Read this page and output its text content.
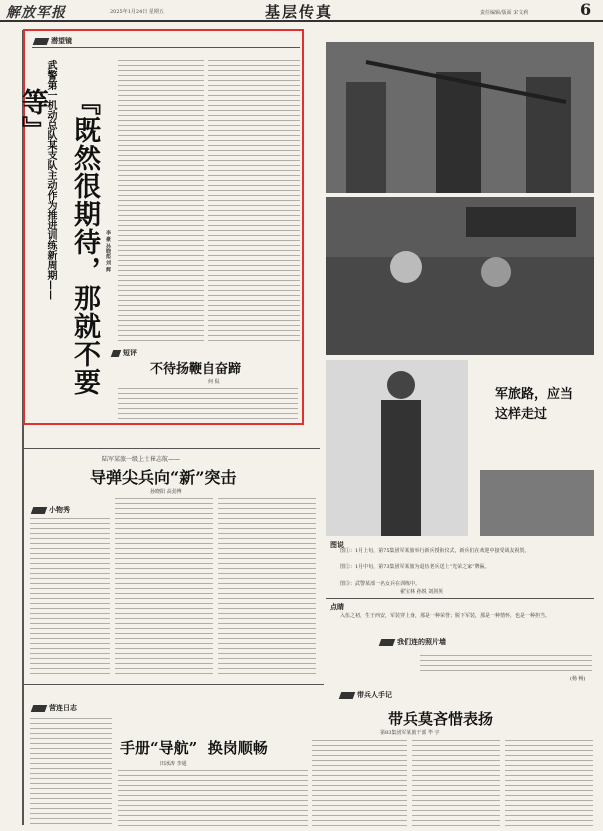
解放军报	2025年1月24日 星期五	基层传真	责任编辑/版面 宋文莉	6
潜望镜
武警第一机动总队某支队主动作为推进训练新周期—— 『既然很期待，那就不要等』
李 豪 孙晓彪 刘 辉
短评
不待扬鞭自奋蹄
何 侃
军旅路，应当这样走过
图说
图①：1月上旬，第75集团军某旅举行新兵授衔仪式，新兵们在欢迎中接受战友祝贺。
图②：1月中旬，第73集团军某旅为退伍老兵送上“光荣之家”牌匾。
图③：武警某部一名女兵在训练中。
翟宝林 孙锐 刘剑英
点睛
入伍之初，生于西安，军装穿上身，那是一种荣誉；脱下军装，那是一种情怀，也是一种担当。
我们连的照片墙
(杨 畅)
陆军某旅一级上士崔志航——
导弹尖兵向“新”突击
孙晓阳 高劲博
小物秀
带兵人手记
带兵莫吝惜表扬
第83集团军某旅干部 毕 宇
营连日志
手册“导航”  换岗顺畅
田冰涛 李通
